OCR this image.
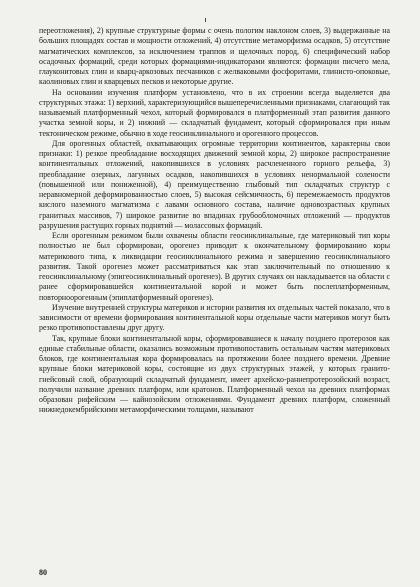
переотложения), 2) крупные структурные формы с очень пологим наклоном слоев, 3) выдержанные на больших площадях состав и мощности отложений, 4) отсутствие метаморфизма осадков, 5) отсутствие магматических комплексов, за исключением траппов и щелочных пород, 6) специфический набор осадочных формаций, среди которых формациями-индикаторами являются: формации писчего мела, глауконитовых глин и кварц-аркозовых песчаников с желваковыми фосфоритами, глинисто-опоковые, каолиновых глин и кварцевых песков и некоторые другие.

На основании изучения платформ установлено, что в их строении всегда выделяется два структурных этажа: 1) верхний, характеризующийся вышеперечисленными признаками, слагающий так называемый платформенный чехол, который формировался в платформенный этап развития данного участка земной коры, и 2) нижний — складчатый фундамент, который сформировался при иным тектоническом режиме, обычно в ходе геосинклинального и орогенного процессов.

Для орогенных областей, охватывающих огромные территории континентов, характерны свои признаки: 1) резкое преобладание восходящих движений земной коры, 2) широкое распространение континентальных отложений, накопившихся в условиях расчлененного горного рельефа, 3) преобладание озерных, лагунных осадков, накопившихся в условиях ненормальной солености (повышенной или пониженной), 4) преимущественно глыбовый тип складчатых структур с неравномерной деформированностью слоев, 5) высокая сейсмичность, 6) перемежаемость продуктов кислого наземного магматизма с лавами основного состава, наличие одновозрастных крупных гранитных массивов, 7) широкое развитие во впадинах грубообломочных отложений — продуктов разрушения растущих горных поднятий — молассовых формаций.

Если орогенным режимом были охвачены области геосинклинальные, где материковый тип коры полностью не был сформирован, орогенез приводит к окончательному формированию коры материкового типа, к ликвидации геосинклинального режима и завершению геосинклинального развития. Такой орогенез может рассматриваться как этап заключительный по отношению к геосинклинальному (эпигеосинклинальный орогенез). В других случаях он накладывается на области с ранее сформировавшейся континентальной корой и может быть послеплатформенным, повторноорогенным (эпиплатформенный орогенез).

Изучение внутренней структуры материков и истории развития их отдельных частей показало, что в зависимости от времени формирования континентальной коры отдельные части материков могут быть резко противопоставлены друг другу.

Так, крупные блоки континентальной коры, сформировавшиеся к началу позднего протерозоя как единые стабильные области, оказались возможным противопоставить остальным частям материковых блоков, где континентальная кора формировалась на протяжении более позднего времени. Древние крупные блоки материковой коры, состоящие из двух структурных этажей, у которых гранито-гнейсовый слой, образующий складчатый фундамент, имеет архейско-раннепротерозойский возраст, получили название древних платформ, или кратонов. Платформенный чехол на древних платформах образован рифейским — кайнозойским отложениями. Фундамент древних платформ, сложенный нижнедокембрийскими метаморфическими толщами, называют

80
